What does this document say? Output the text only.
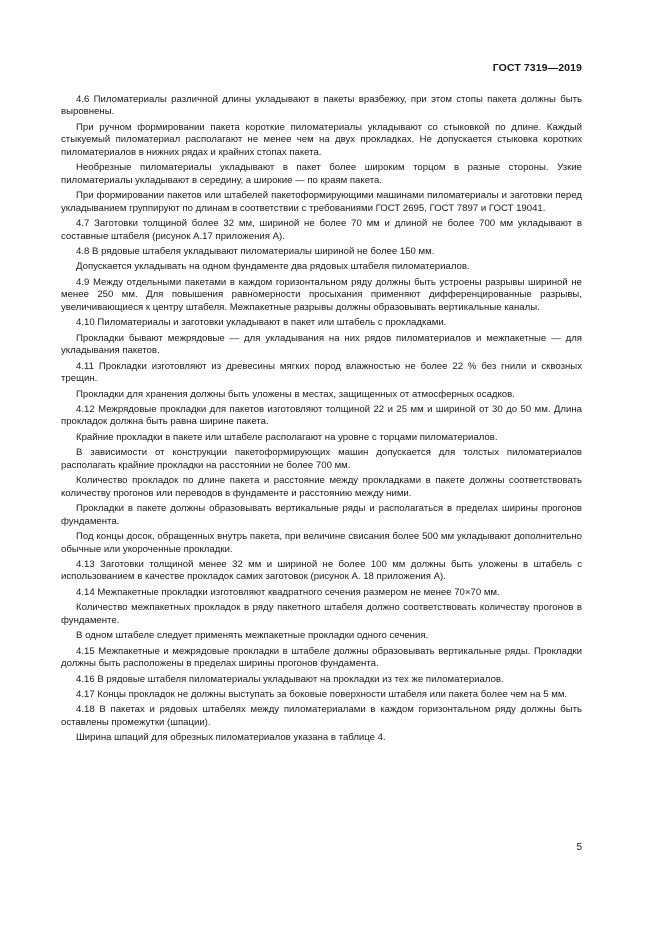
ГОСТ 7319—2019

4.6 Пиломатериалы различной длины укладывают в пакеты вразбежку, при этом стопы пакета должны быть выровнены.

При ручном формировании пакета короткие пиломатериалы укладывают со стыковкой по длине. Каждый стыкуемый пиломатериал располагают не менее чем на двух прокладках. Не допускается стыковка коротких пиломатериалов в нижних рядах и крайних стопах пакета.

Необрезные пиломатериалы укладывают в пакет более широким торцом в разные стороны. Узкие пиломатериалы укладывают в середину, а широкие — по краям пакета.

При формировании пакетов или штабелей пакетоформирующими машинами пиломатериалы и заготовки перед укладыванием группируют по длинам в соответствии с требованиями ГОСТ 2695, ГОСТ 7897 и ГОСТ 19041.

4.7 Заготовки толщиной более 32 мм, шириной не более 70 мм и длиной не более 700 мм укладывают в составные штабеля (рисунок А.17 приложения А).

4.8 В рядовые штабеля укладывают пиломатериалы шириной не более 150 мм.

Допускается укладывать на одном фундаменте два рядовых штабеля пиломатериалов.

4.9 Между отдельными пакетами в каждом горизонтальном ряду должны быть устроены разрывы шириной не менее 250 мм. Для повышения равномерности просыхания применяют дифференцированные разрывы, увеличивающиеся к центру штабеля. Межпакетные разрывы должны образовывать вертикальные каналы.

4.10 Пиломатериалы и заготовки укладывают в пакет или штабель с прокладками.

Прокладки бывают межрядовые — для укладывания на них рядов пиломатериалов и межпакетные — для укладывания пакетов.

4.11 Прокладки изготовляют из древесины мягких пород влажностью не более 22 % без гнили и сквозных трещин.

Прокладки для хранения должны быть уложены в местах, защищенных от атмосферных осадков.

4.12 Межрядовые прокладки для пакетов изготовляют толщиной 22 и 25 мм и шириной от 30 до 50 мм. Длина прокладок должна быть равна ширине пакета.

Крайние прокладки в пакете или штабеле располагают на уровне с торцами пиломатериалов.

В зависимости от конструкции пакетоформирующих машин допускается для толстых пиломатериалов располагать крайние прокладки на расстоянии не более 700 мм.

Количество прокладок по длине пакета и расстояние между прокладками в пакете должны соответствовать количеству прогонов или переводов в фундаменте и расстоянию между ними.

Прокладки в пакете должны образовывать вертикальные ряды и располагаться в пределах ширины прогонов фундамента.

Под концы досок, обращенных внутрь пакета, при величине свисания более 500 мм укладывают дополнительно обычные или укороченные прокладки.

4.13 Заготовки толщиной менее 32 мм и шириной не более 100 мм должны быть уложены в штабель с использованием в качестве прокладок самих заготовок (рисунок А. 18 приложения А).

4.14 Межпакетные прокладки изготовляют квадратного сечения размером не менее 70×70 мм.

Количество межпакетных прокладок в ряду пакетного штабеля должно соответствовать количеству прогонов в фундаменте.

В одном штабеле следует применять межпакетные прокладки одного сечения.

4.15 Межпакетные и межрядовые прокладки в штабеле должны образовывать вертикальные ряды. Прокладки должны быть расположены в пределах ширины прогонов фундамента.

4.16 В рядовые штабеля пиломатериалы укладывают на прокладки из тех же пиломатериалов.

4.17 Концы прокладок не должны выступать за боковые поверхности штабеля или пакета более чем на 5 мм.

4.18 В пакетах и рядовых штабелях между пиломатериалами в каждом горизонтальном ряду должны быть оставлены промежутки (шпации).

Ширина шпаций для обрезных пиломатериалов указана в таблице 4.

5
